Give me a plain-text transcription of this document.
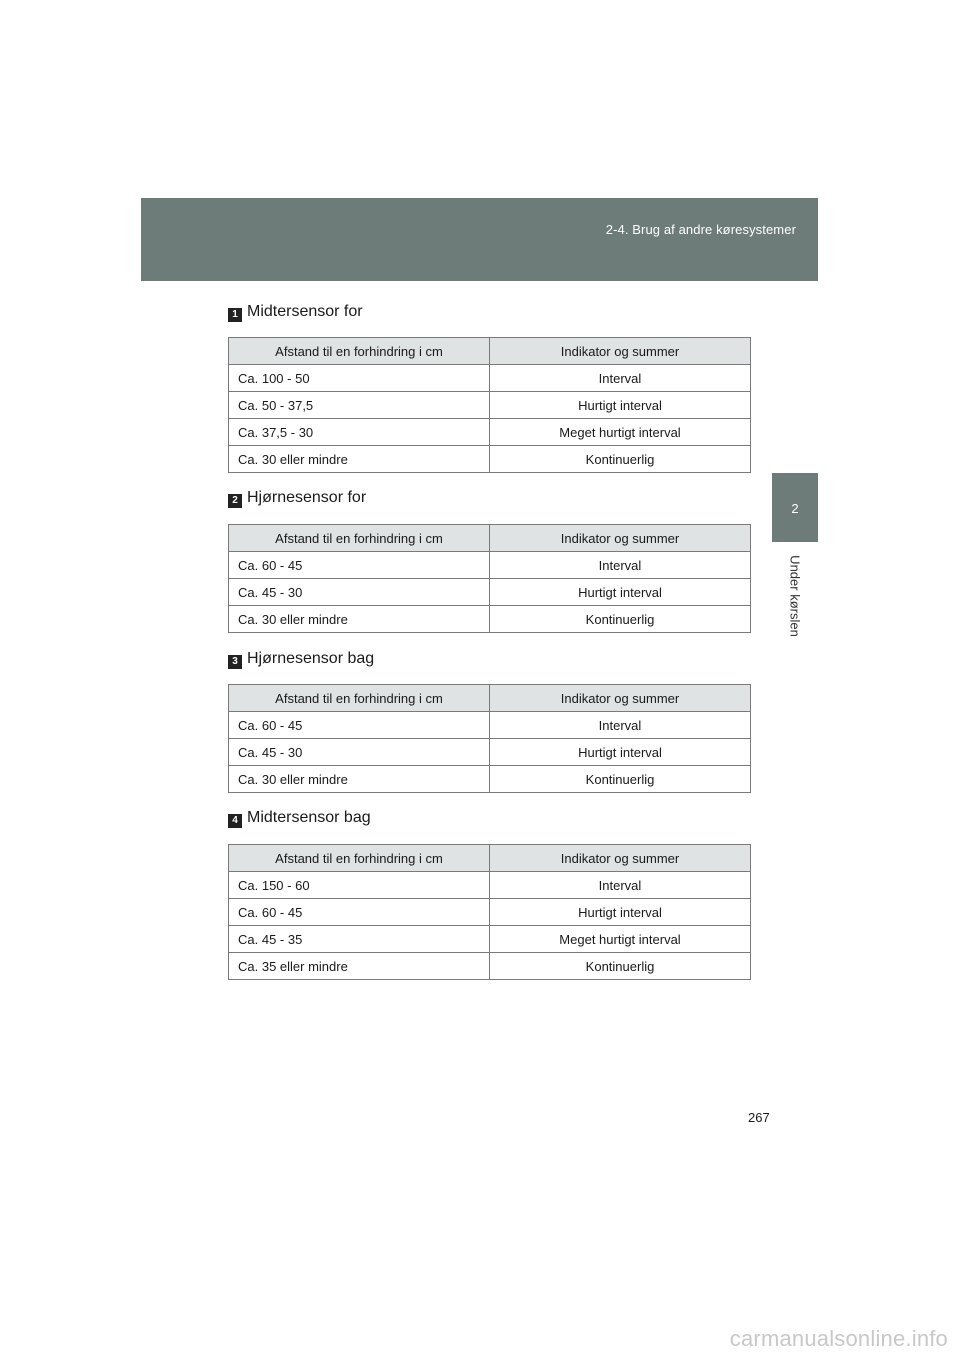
2-4. Brug af andre køresystemer
2
Under kørslen
1 Midtersensor for
Afstand til en forhindring i cm	Indikator og summer
Ca. 100 - 50	Interval
Ca. 50 - 37,5	Hurtigt interval
Ca. 37,5 - 30	Meget hurtigt interval
Ca. 30 eller mindre	Kontinuerlig
2 Hjørnesensor for
Afstand til en forhindring i cm	Indikator og summer
Ca. 60 - 45	Interval
Ca. 45 - 30	Hurtigt interval
Ca. 30 eller mindre	Kontinuerlig
3 Hjørnesensor bag
Afstand til en forhindring i cm	Indikator og summer
Ca. 60 - 45	Interval
Ca. 45 - 30	Hurtigt interval
Ca. 30 eller mindre	Kontinuerlig
4 Midtersensor bag
Afstand til en forhindring i cm	Indikator og summer
Ca. 150 - 60	Interval
Ca. 60 - 45	Hurtigt interval
Ca. 45 - 35	Meget hurtigt interval
Ca. 35 eller mindre	Kontinuerlig
267
carmanualsonline.info
